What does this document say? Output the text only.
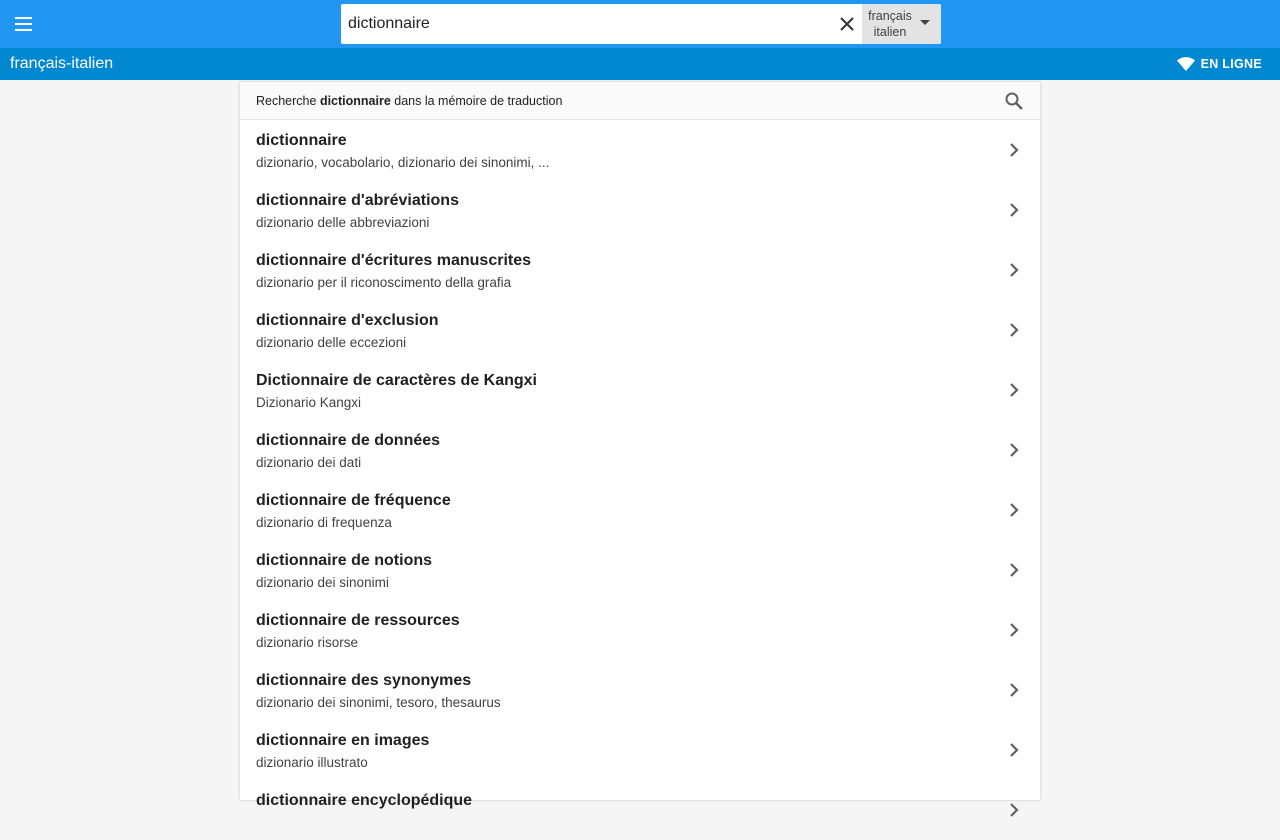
dictionnaire
français
italien
français-italien	EN LIGNE
Recherche dictionnaire dans la mémoire de traduction
dictionnaire
dizionario, vocabolario, dizionario dei sinonimi, ...
dictionnaire d'abréviations
dizionario delle abbreviazioni
dictionnaire d'écritures manuscrites
dizionario per il riconoscimento della grafia
dictionnaire d'exclusion
dizionario delle eccezioni
Dictionnaire de caractères de Kangxi
Dizionario Kangxi
dictionnaire de données
dizionario dei dati
dictionnaire de fréquence
dizionario di frequenza
dictionnaire de notions
dizionario dei sinonimi
dictionnaire de ressources
dizionario risorse
dictionnaire des synonymes
dizionario dei sinonimi, tesoro, thesaurus
dictionnaire en images
dizionario illustrato
dictionnaire encyclopédique
